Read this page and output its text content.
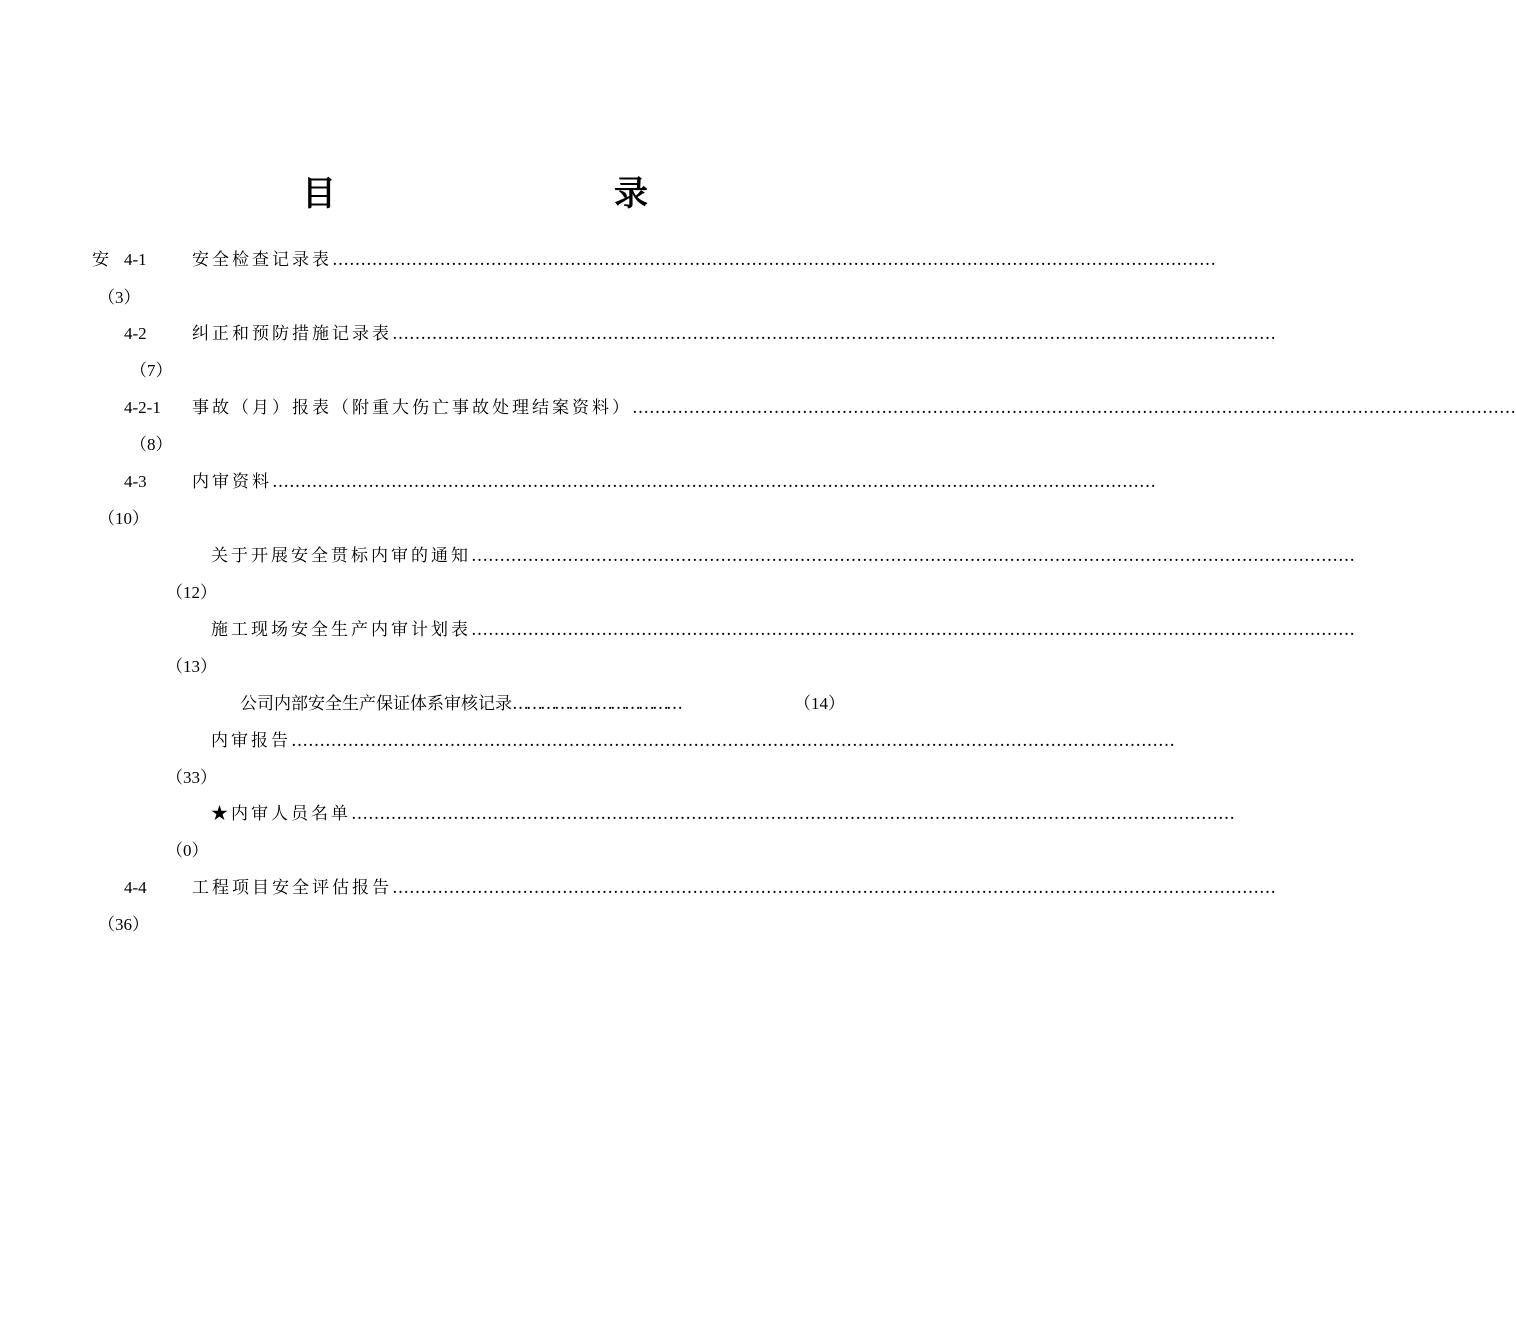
目　　录
安 4-1	安全检查记录表 …………………………………………………………………………………………………………………………………………
（3）
4-2	纠正和预防措施记录表 …………………………………………………………………………………………………………………………………………
（7）
4-2-1 事故（月）报表（附重大伤亡事故处理结案资料） …………………………………………………………………………………………………………………………………………
（8）
4-3	内审资料 …………………………………………………………………………………………………………………………………………
（10）
关于开展安全贯标内审的通知 …………………………………………………………………………………………………………………………………………
（12）
施工现场安全生产内审计划表 …………………………………………………………………………………………………………………………………………
（13）
公司内部安全生产保证体系审核记录 ………………………………	（14）
内审报告 …………………………………………………………………………………………………………………………………………
（33）
★内审人员名单 …………………………………………………………………………………………………………………………………………
（0）
4-4	工程项目安全评估报告 …………………………………………………………………………………………………………………………………………
（36）
